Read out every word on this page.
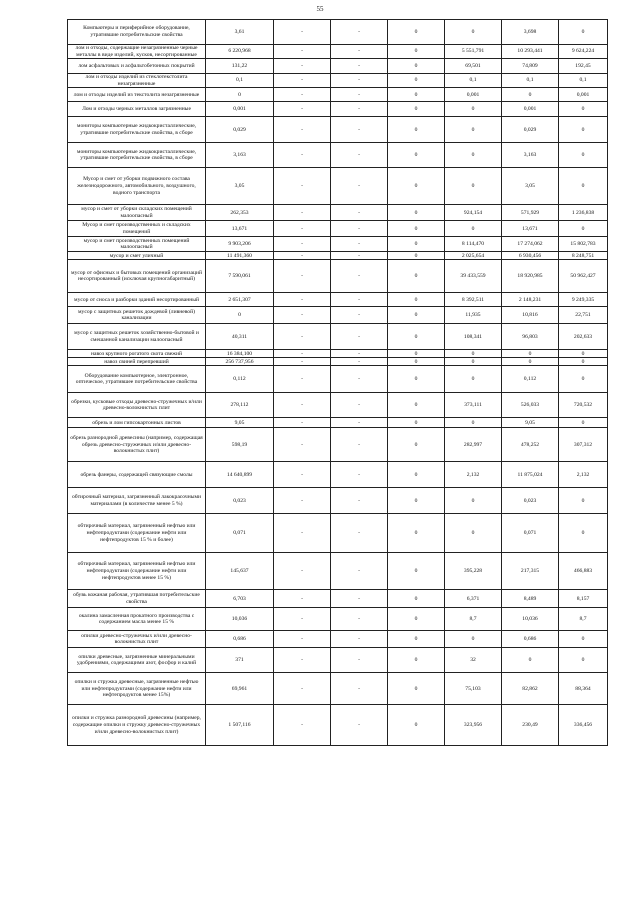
55
Компьютеры и периферийное оборудование, утратившие потребительские свойства	3,61	-	-	0	0	3,698	0
лом и отходы, содержащие незагрязненные черные металлы в виде изделий, кусков, несортированные	6 220,968	-	-	0	5 551,791	10 293,441	9 624,224
лом асфальтовых и асфальтобетонных покрытий	131,22	-	-	0	69,501	74,809	192,45
лом и отходы изделий из стеклотекстолита незагрязненные	0,1	-	-	0	0,1	0,1	0,1
лом и отходы изделий из текстолита незагрязненные	0	-	-	0	0,001	0	0,001
Лом и отходы черных металлов загрязненные	0,001	-	-	0	0	0,001	0
мониторы компьютерные жидкокристаллические, утратившие потребительские свойства, в сборе	0,029	-	-	0	0	0,029	0
мониторы компьютерные жидкокристаллические, утратившие потребительские свойства, в сборе	3,163	-	-	0	0	3,163	0
Мусор и смет от уборки подвижного состава железнодорожного, автомобильного, воздушного, водного транспорта	3,05	-	-	0	0	3,05	0
мусор и смет от уборки складских помещений малоопасный	262,353	-	-	0	924,154	571,929	1 236,838
Мусор и смет производственных и складских помещений	13,671	-	-	0	0	13,671	0
мусор и смет производственных помещений малоопасный	9 903,206	-	-	0	8 114,470	17 274,062	15 802,783
мусор и смет уличный	11 491,360	-	-	0	2 025,654	6 930,456	8 248,751
мусор от офисных и бытовых помещений организаций несортированный (исключая крупногабаритный)	7 590,061	-	-	0	39 433,559	18 920,985	50 962,427
мусор от сноса и разборки зданий несортированный	2 651,307	-	-	0	8 392,511	2 148,231	9 249,335
мусор с защитных решеток дождевой (ливневой) канализации	0	-	-	0	11,935	10,816	22,751
мусор с защитных решеток хозяйственно-бытовой и смешанной канализации малоопасный	40,311	-	-	0	108,341	96,803	202,633
навоз крупного рогатого скота свежий	16 384,100	-	-	0	0	0	0
навоз свиней перепревший	256 737,956	-	-	0	0	0	0
Оборудование компьютерное, электронное, оптическое, утратившее потребительские свойства	0,112	-	-	0	0	0,112	0
обрезки, кусковые отходы древесно-стружечных и/или древесно-волокнистых плит	278,112	-	-	0	373,111	526,033	720,532
обрезь и лом гипсокартонных листов	9,05	-	-	0	0	9,05	0
обрезь разнородной древесины (например, содержащая обрезь древесно-стружечных и/или древесно-волокнистых плит)	598,19	-	-	0	282,997	478,252	307,312
обрезь фанеры, содержащей связующие смолы	14 640,899	-	-	0	2,132	11 875,024	2,132
обтирочный материал, загрязненный лакокрасочными материалами (в количестве менее 5 %)	0,023	-	-	0	0	0,023	0
обтирочный материал, загрязненный нефтью или нефтепродуктами (содержание нефти или нефтепродуктов 15 % и более)	0,071	-	-	0	0	0,071	0
обтирочный материал, загрязненный нефтью или нефтепродуктами (содержание нефти или нефтепродуктов менее 15 %)	145,637	-	-	0	395,228	217,315	466,883
обувь кожаная рабочая, утратившая потребительские свойства	6,703	-	-	0	6,371	8,489	8,157
окалина замасленная прокатного производства с содержанием масла менее 15 %	10,036	-	-	0	8,7	10,036	8,7
опилки древесно-стружечных и/или древесно-волокнистых плит	0,686	-	-	0	0	0,686	0
опилки древесные, загрязненные минеральными удобрениями, содержащими азот, фосфор и калий	371	-	-	0	32	0	0
опилки и стружка древесные, загрязненные нефтью или нефтепродуктами (содержание нефти или нефтепродуктов менее 15%)	69,961	-	-	0	75,103	82,862	88,364
опилки и стружка разнородной древесины (например, содержащие опилки и стружку древесно-стружечных и/или древесно-волокнистых плит)	1 507,116	-	-	0	323,956	230,49	336,456
